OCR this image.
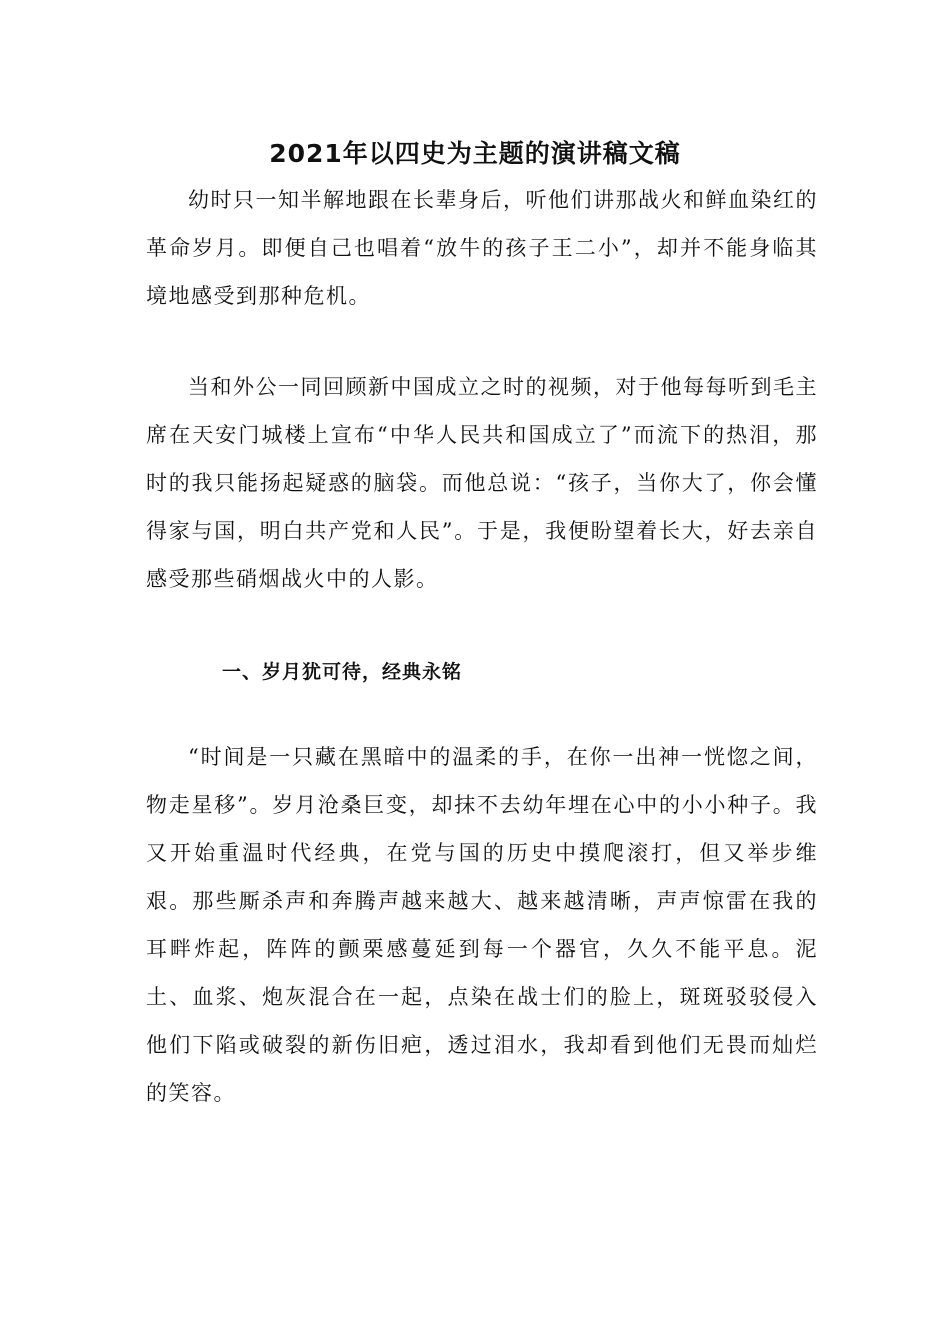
2021年以四史为主题的演讲稿文稿

幼时只一知半解地跟在长辈身后，听他们讲那战火和鲜血染红的革命岁月。即便自己也唱着“放牛的孩子王二小”，却并不能身临其境地感受到那种危机。

当和外公一同回顾新中国成立之时的视频，对于他每每听到毛主席在天安门城楼上宣布“中华人民共和国成立了”而流下的热泪，那时的我只能扬起疑惑的脑袋。而他总说：“孩子，当你大了，你会懂得家与国，明白共产党和人民”。于是，我便盼望着长大，好去亲自感受那些硝烟战火中的人影。

一、岁月犹可待，经典永铭

“时间是一只藏在黑暗中的温柔的手，在你一出神一恍惚之间，物走星移”。岁月沧桑巨变，却抹不去幼年埋在心中的小小种子。我又开始重温时代经典，在党与国的历史中摸爬滚打，但又举步维艰。那些厮杀声和奔腾声越来越大、越来越清晰，声声惊雷在我的耳畔炸起，阵阵的颤栗感蔓延到每一个器官，久久不能平息。泥土、血浆、炮灰混合在一起，点染在战士们的脸上，斑斑驳驳侵入他们下陷或破裂的新伤旧疤，透过泪水，我却看到他们无畏而灿烂的笑容。
